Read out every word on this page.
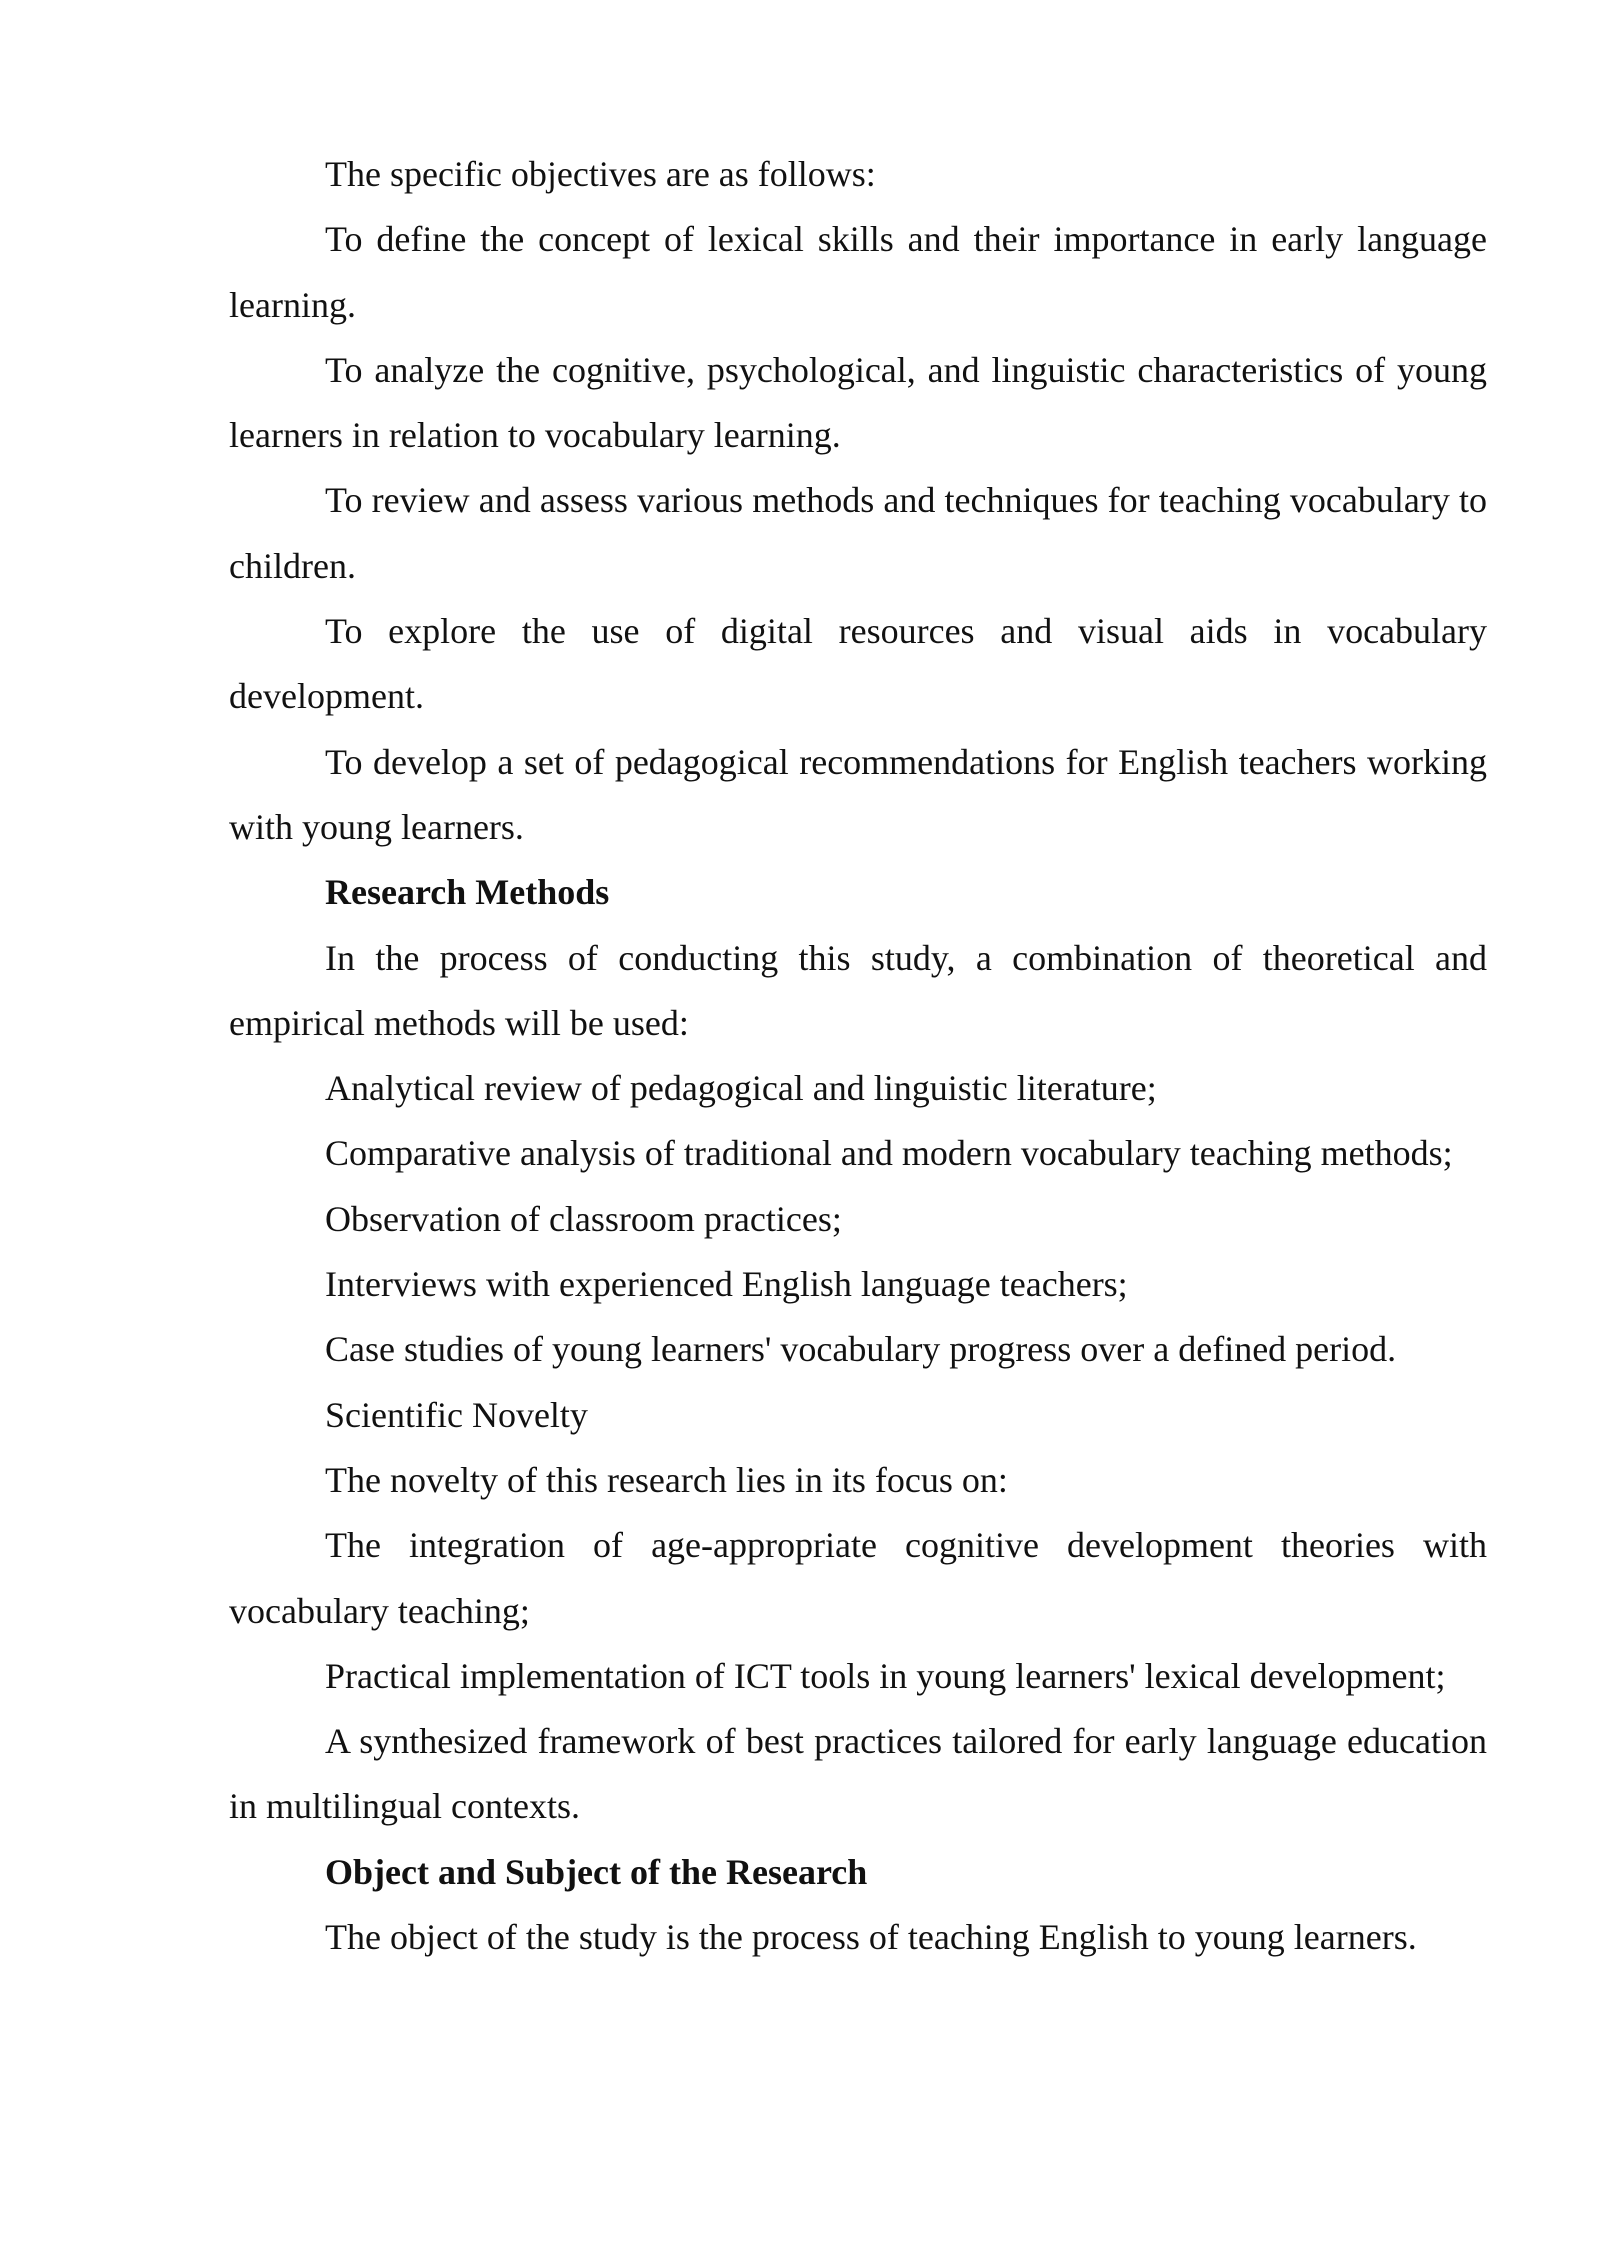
The specific objectives are as follows:

To define the concept of lexical skills and their importance in early language learning.

To analyze the cognitive, psychological, and linguistic characteristics of young learners in relation to vocabulary learning.

To review and assess various methods and techniques for teaching vocabulary to children.

To explore the use of digital resources and visual aids in vocabulary development.

To develop a set of pedagogical recommendations for English teachers working with young learners.

Research Methods

In the process of conducting this study, a combination of theoretical and empirical methods will be used:

Analytical review of pedagogical and linguistic literature;

Comparative analysis of traditional and modern vocabulary teaching methods;

Observation of classroom practices;

Interviews with experienced English language teachers;

Case studies of young learners' vocabulary progress over a defined period.

Scientific Novelty

The novelty of this research lies in its focus on:

The integration of age-appropriate cognitive development theories with vocabulary teaching;

Practical implementation of ICT tools in young learners' lexical development;

A synthesized framework of best practices tailored for early language education in multilingual contexts.

Object and Subject of the Research

The object of the study is the process of teaching English to young learners.
